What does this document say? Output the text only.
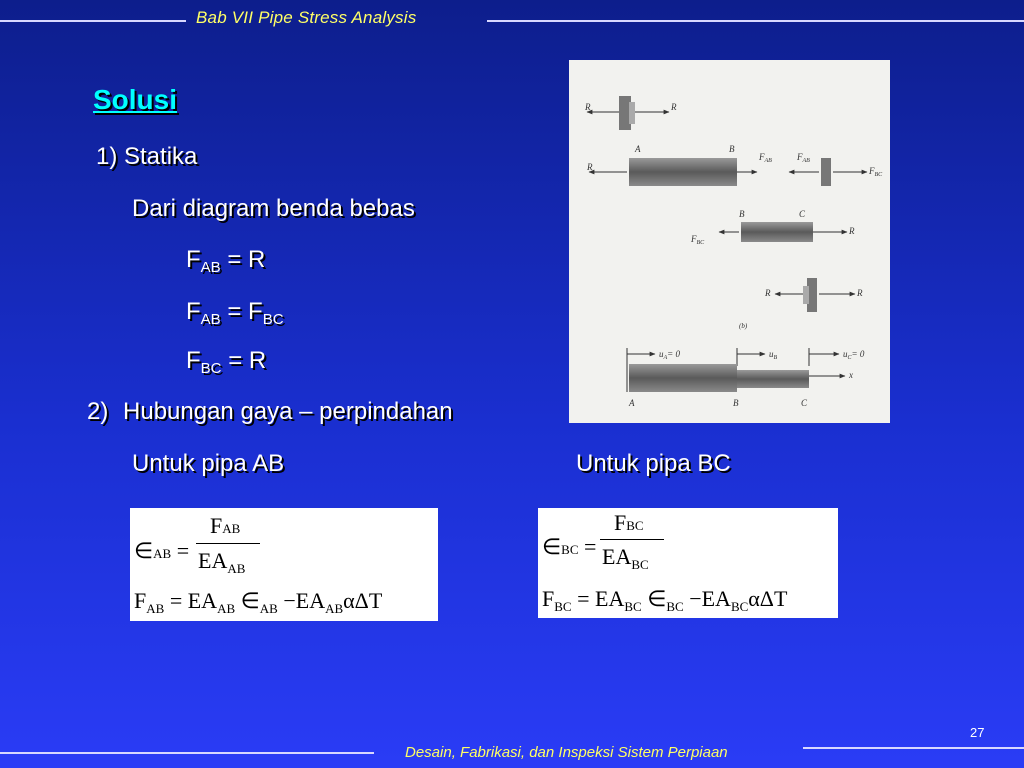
Bab VII Pipe Stress Analysis
Desain, Fabrikasi, dan Inspeksi Sistem Perpiaan
27
Solusi
1) Statika
Dari diagram benda bebas
$F_{AB} = R$
$F_{AB} = F_{BC}$
$F_{BC} = R$
2) Hubungan gaya – perpindahan
Untuk pipa AB	Untuk pipa BC
R	R
A	B
R
$F_{AB}$	$F_{AB}$
$F_{BC}$
B	C
$F_{BC}$
R
R	R
(b)
$u_A= 0$	$u_B$	$u_C= 0$
x
A	B	C
∈AB =
FAB
$EA_{AB}$
$F_{AB} = EA_{AB}$ $\in_{AB} -EA_{AB}\alpha\Delta T$
∈BC =
FBC
$EA_{BC}$
$F_{BC} = EA_{BC}$ $\in_{BC} -EA_{BC}\alpha\Delta T$
